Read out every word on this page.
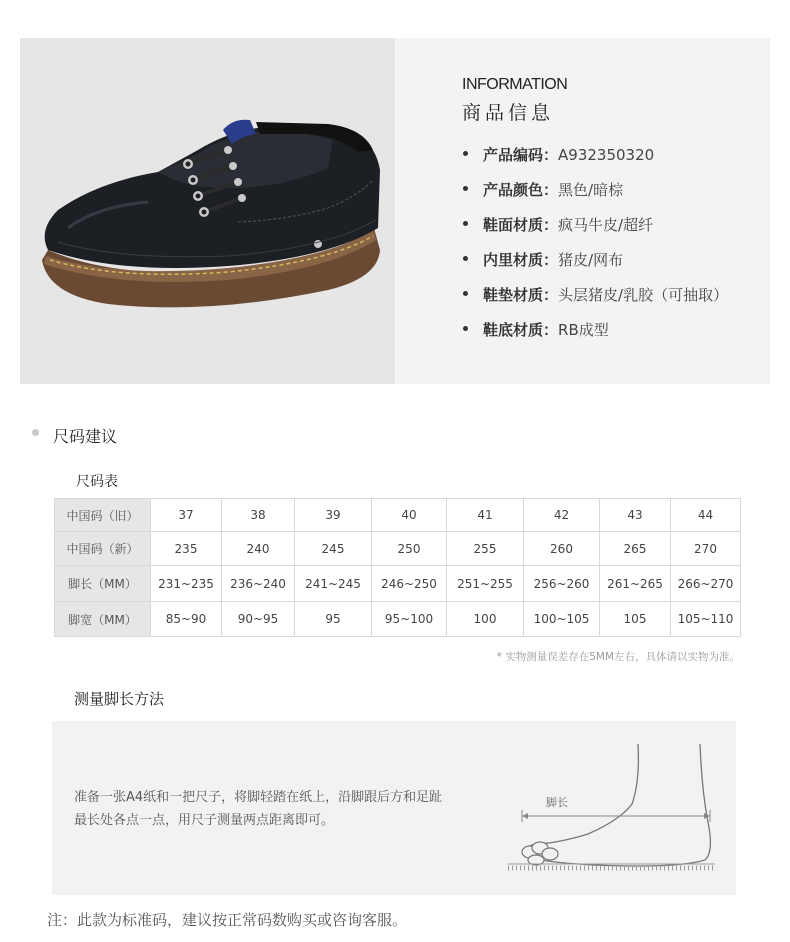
INFORMATION
商品信息
产品编码：A932350320
产品颜色：黑色/暗棕
鞋面材质：疯马牛皮/超纤
内里材质：猪皮/网布
鞋垫材质：头层猪皮/乳胶（可抽取）
鞋底材质：RB成型
尺码建议
尺码表
中国码（旧）	37	38	39	40	41	42	43	44
中国码（新）	235	240	245	250	255	260	265	270
脚长（MM）	231~235	236~240	241~245	246~250	251~255	256~260	261~265	266~270
脚宽（MM）	85~90	90~95	95	95~100	100	100~105	105	105~110
* 实物测量误差存在5MM左右，具体请以实物为准。
测量脚长方法
准备一张A4纸和一把尺子，将脚轻踏在纸上，沿脚跟后方和足趾
最长处各点一点，用尺子测量两点距离即可。
脚长
注：此款为标准码，建议按正常码数购买或咨询客服。
